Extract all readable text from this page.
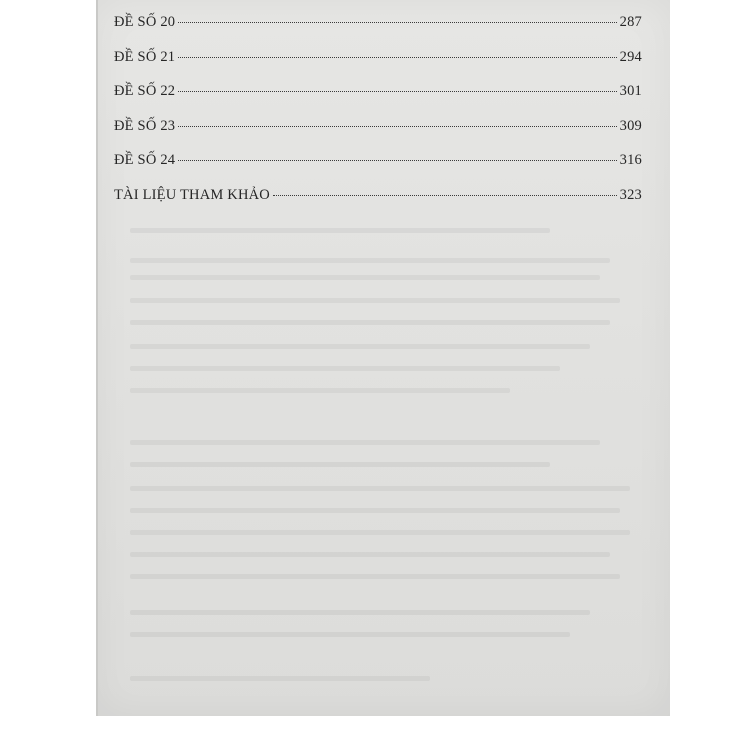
ĐỀ SỐ 20	287
ĐỀ SỐ 21	294
ĐỀ SỐ 22	301
ĐỀ SỐ 23	309
ĐỀ SỐ 24	316
TÀI LIỆU THAM KHẢO	323
